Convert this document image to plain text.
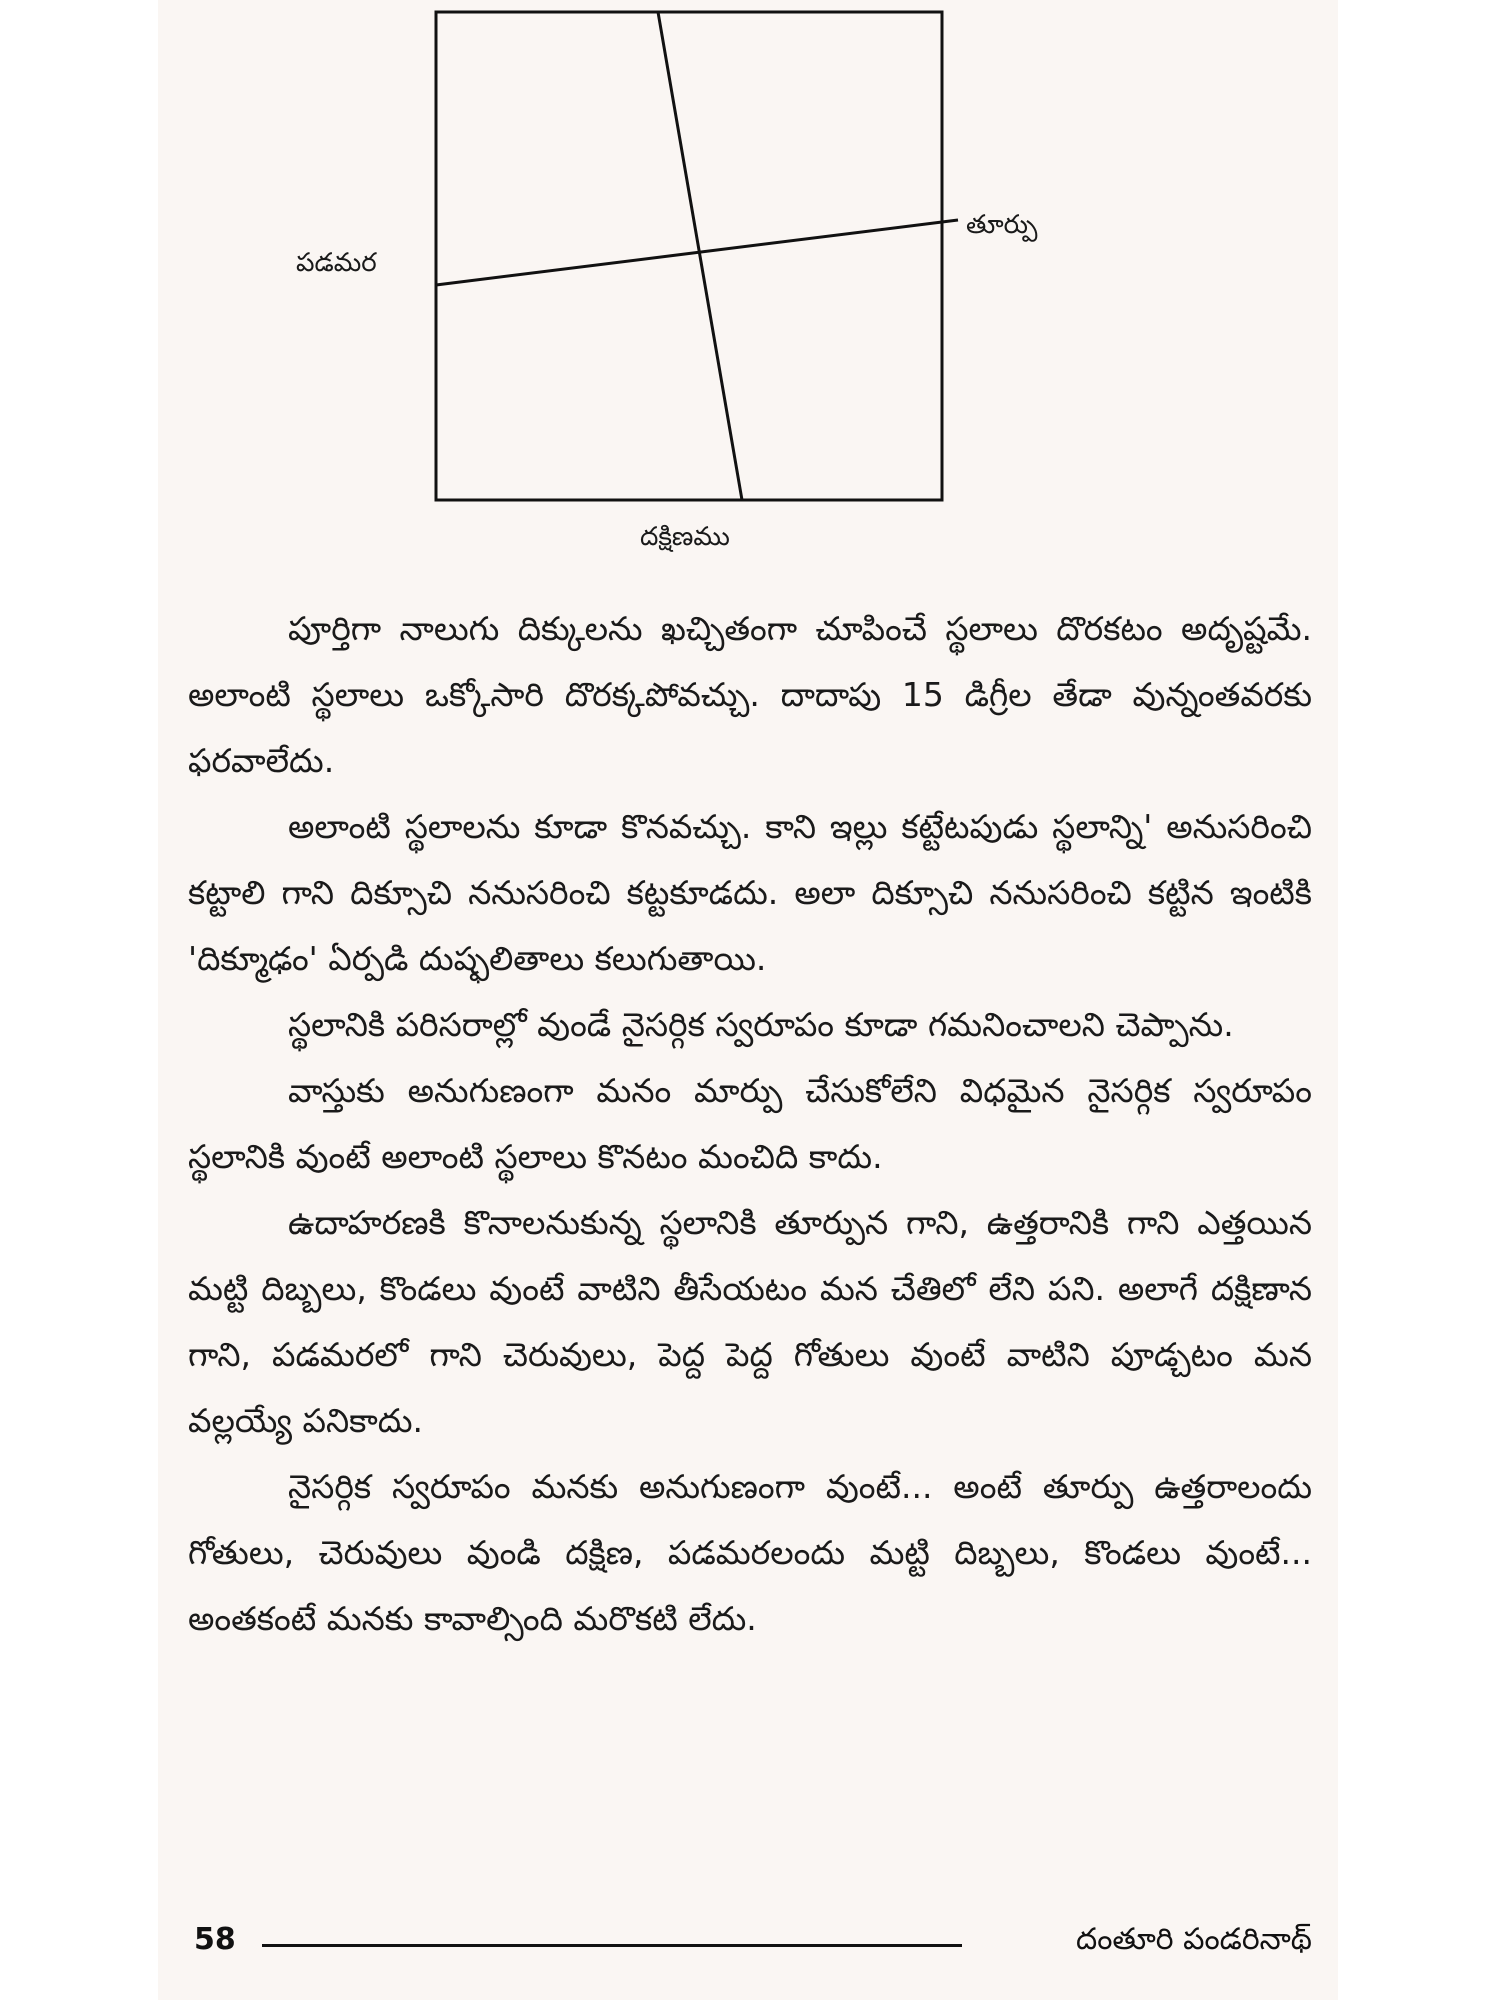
తూర్పు
పడమర
దక్షిణము

పూర్తిగా నాలుగు దిక్కులను ఖచ్చితంగా చూపించే స్థలాలు దొరకటం అదృష్టమే. అలాంటి స్థలాలు ఒక్కోసారి దొరక్కపోవచ్చు. దాదాపు 15 డిగ్రీల తేడా వున్నంతవరకు ఫరవాలేదు.

అలాంటి స్థలాలను కూడా కొనవచ్చు. కాని ఇల్లు కట్టేటపుడు స్థలాన్ని' అనుసరించి కట్టాలి గాని దిక్సూచి ననుసరించి కట్టకూడదు. అలా దిక్సూచి ననుసరించి కట్టిన ఇంటికి 'దిక్మూఢం' ఏర్పడి దుష్ఫలితాలు కలుగుతాయి.

స్థలానికి పరిసరాల్లో వుండే నైసర్గిక స్వరూపం కూడా గమనించాలని చెప్పాను.

వాస్తుకు అనుగుణంగా మనం మార్పు చేసుకోలేని విధమైన నైసర్గిక స్వరూపం స్థలానికి వుంటే అలాంటి స్థలాలు కొనటం మంచిది కాదు.

ఉదాహరణకి కొనాలనుకున్న స్థలానికి తూర్పున గాని, ఉత్తరానికి గాని ఎత్తయిన మట్టి దిబ్బలు, కొండలు వుంటే వాటిని తీసేయటం మన చేతిలో లేని పని. అలాగే దక్షిణాన గాని, పడమరలో గాని చెరువులు, పెద్ద పెద్ద గోతులు వుంటే వాటిని పూడ్చటం మన వల్లయ్యే పనికాదు.

నైసర్గిక స్వరూపం మనకు అనుగుణంగా వుంటే... అంటే తూర్పు ఉత్తరాలందు గోతులు, చెరువులు వుండి దక్షిణ, పడమరలందు మట్టి దిబ్బలు, కొండలు వుంటే... అంతకంటే మనకు కావాల్సింది మరొకటి లేదు.

58	దంతూరి పండరినాథ్
